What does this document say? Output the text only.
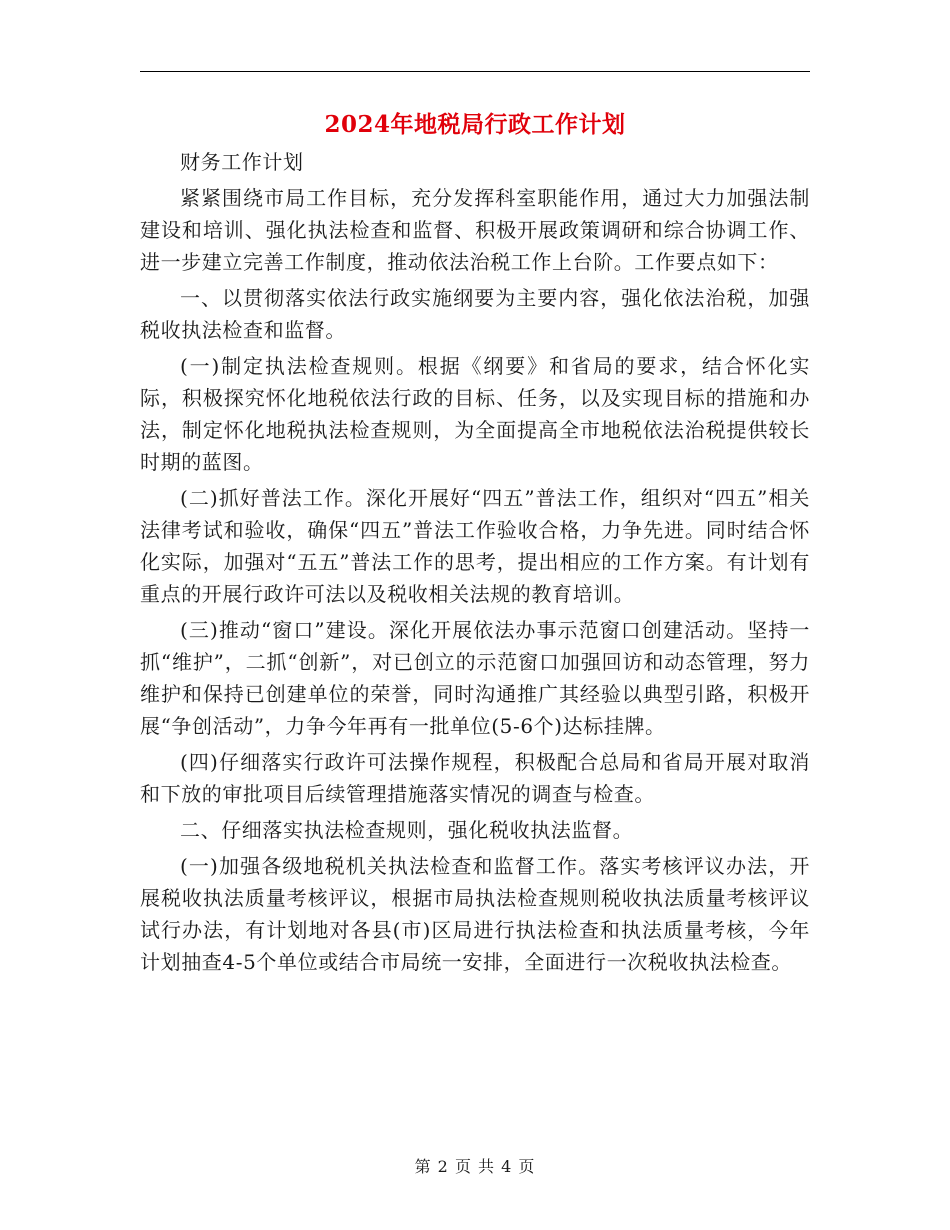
2024年地税局行政工作计划

财务工作计划

紧紧围绕市局工作目标，充分发挥科室职能作用，通过大力加强法制建设和培训、强化执法检查和监督、积极开展政策调研和综合协调工作、进一步建立完善工作制度，推动依法治税工作上台阶。工作要点如下：

一、以贯彻落实依法行政实施纲要为主要内容，强化依法治税，加强税收执法检查和监督。

(一)制定执法检查规则。根据《纲要》和省局的要求，结合怀化实际，积极探究怀化地税依法行政的目标、任务，以及实现目标的措施和办法，制定怀化地税执法检查规则，为全面提高全市地税依法治税提供较长时期的蓝图。

(二)抓好普法工作。深化开展好“四五”普法工作，组织对“四五”相关法律考试和验收，确保“四五”普法工作验收合格，力争先进。同时结合怀化实际，加强对“五五”普法工作的思考，提出相应的工作方案。有计划有重点的开展行政许可法以及税收相关法规的教育培训。

(三)推动“窗口”建设。深化开展依法办事示范窗口创建活动。坚持一抓“维护”，二抓“创新”，对已创立的示范窗口加强回访和动态管理，努力维护和保持已创建单位的荣誉，同时沟通推广其经验以典型引路，积极开展“争创活动”，力争今年再有一批单位(5-6个)达标挂牌。

(四)仔细落实行政许可法操作规程，积极配合总局和省局开展对取消和下放的审批项目后续管理措施落实情况的调查与检查。

二、仔细落实执法检查规则，强化税收执法监督。

(一)加强各级地税机关执法检查和监督工作。落实考核评议办法，开展税收执法质量考核评议，根据市局执法检查规则税收执法质量考核评议试行办法，有计划地对各县(市)区局进行执法检查和执法质量考核，今年计划抽查4-5个单位或结合市局统一安排，全面进行一次税收执法检查。

第 2 页 共 4 页
